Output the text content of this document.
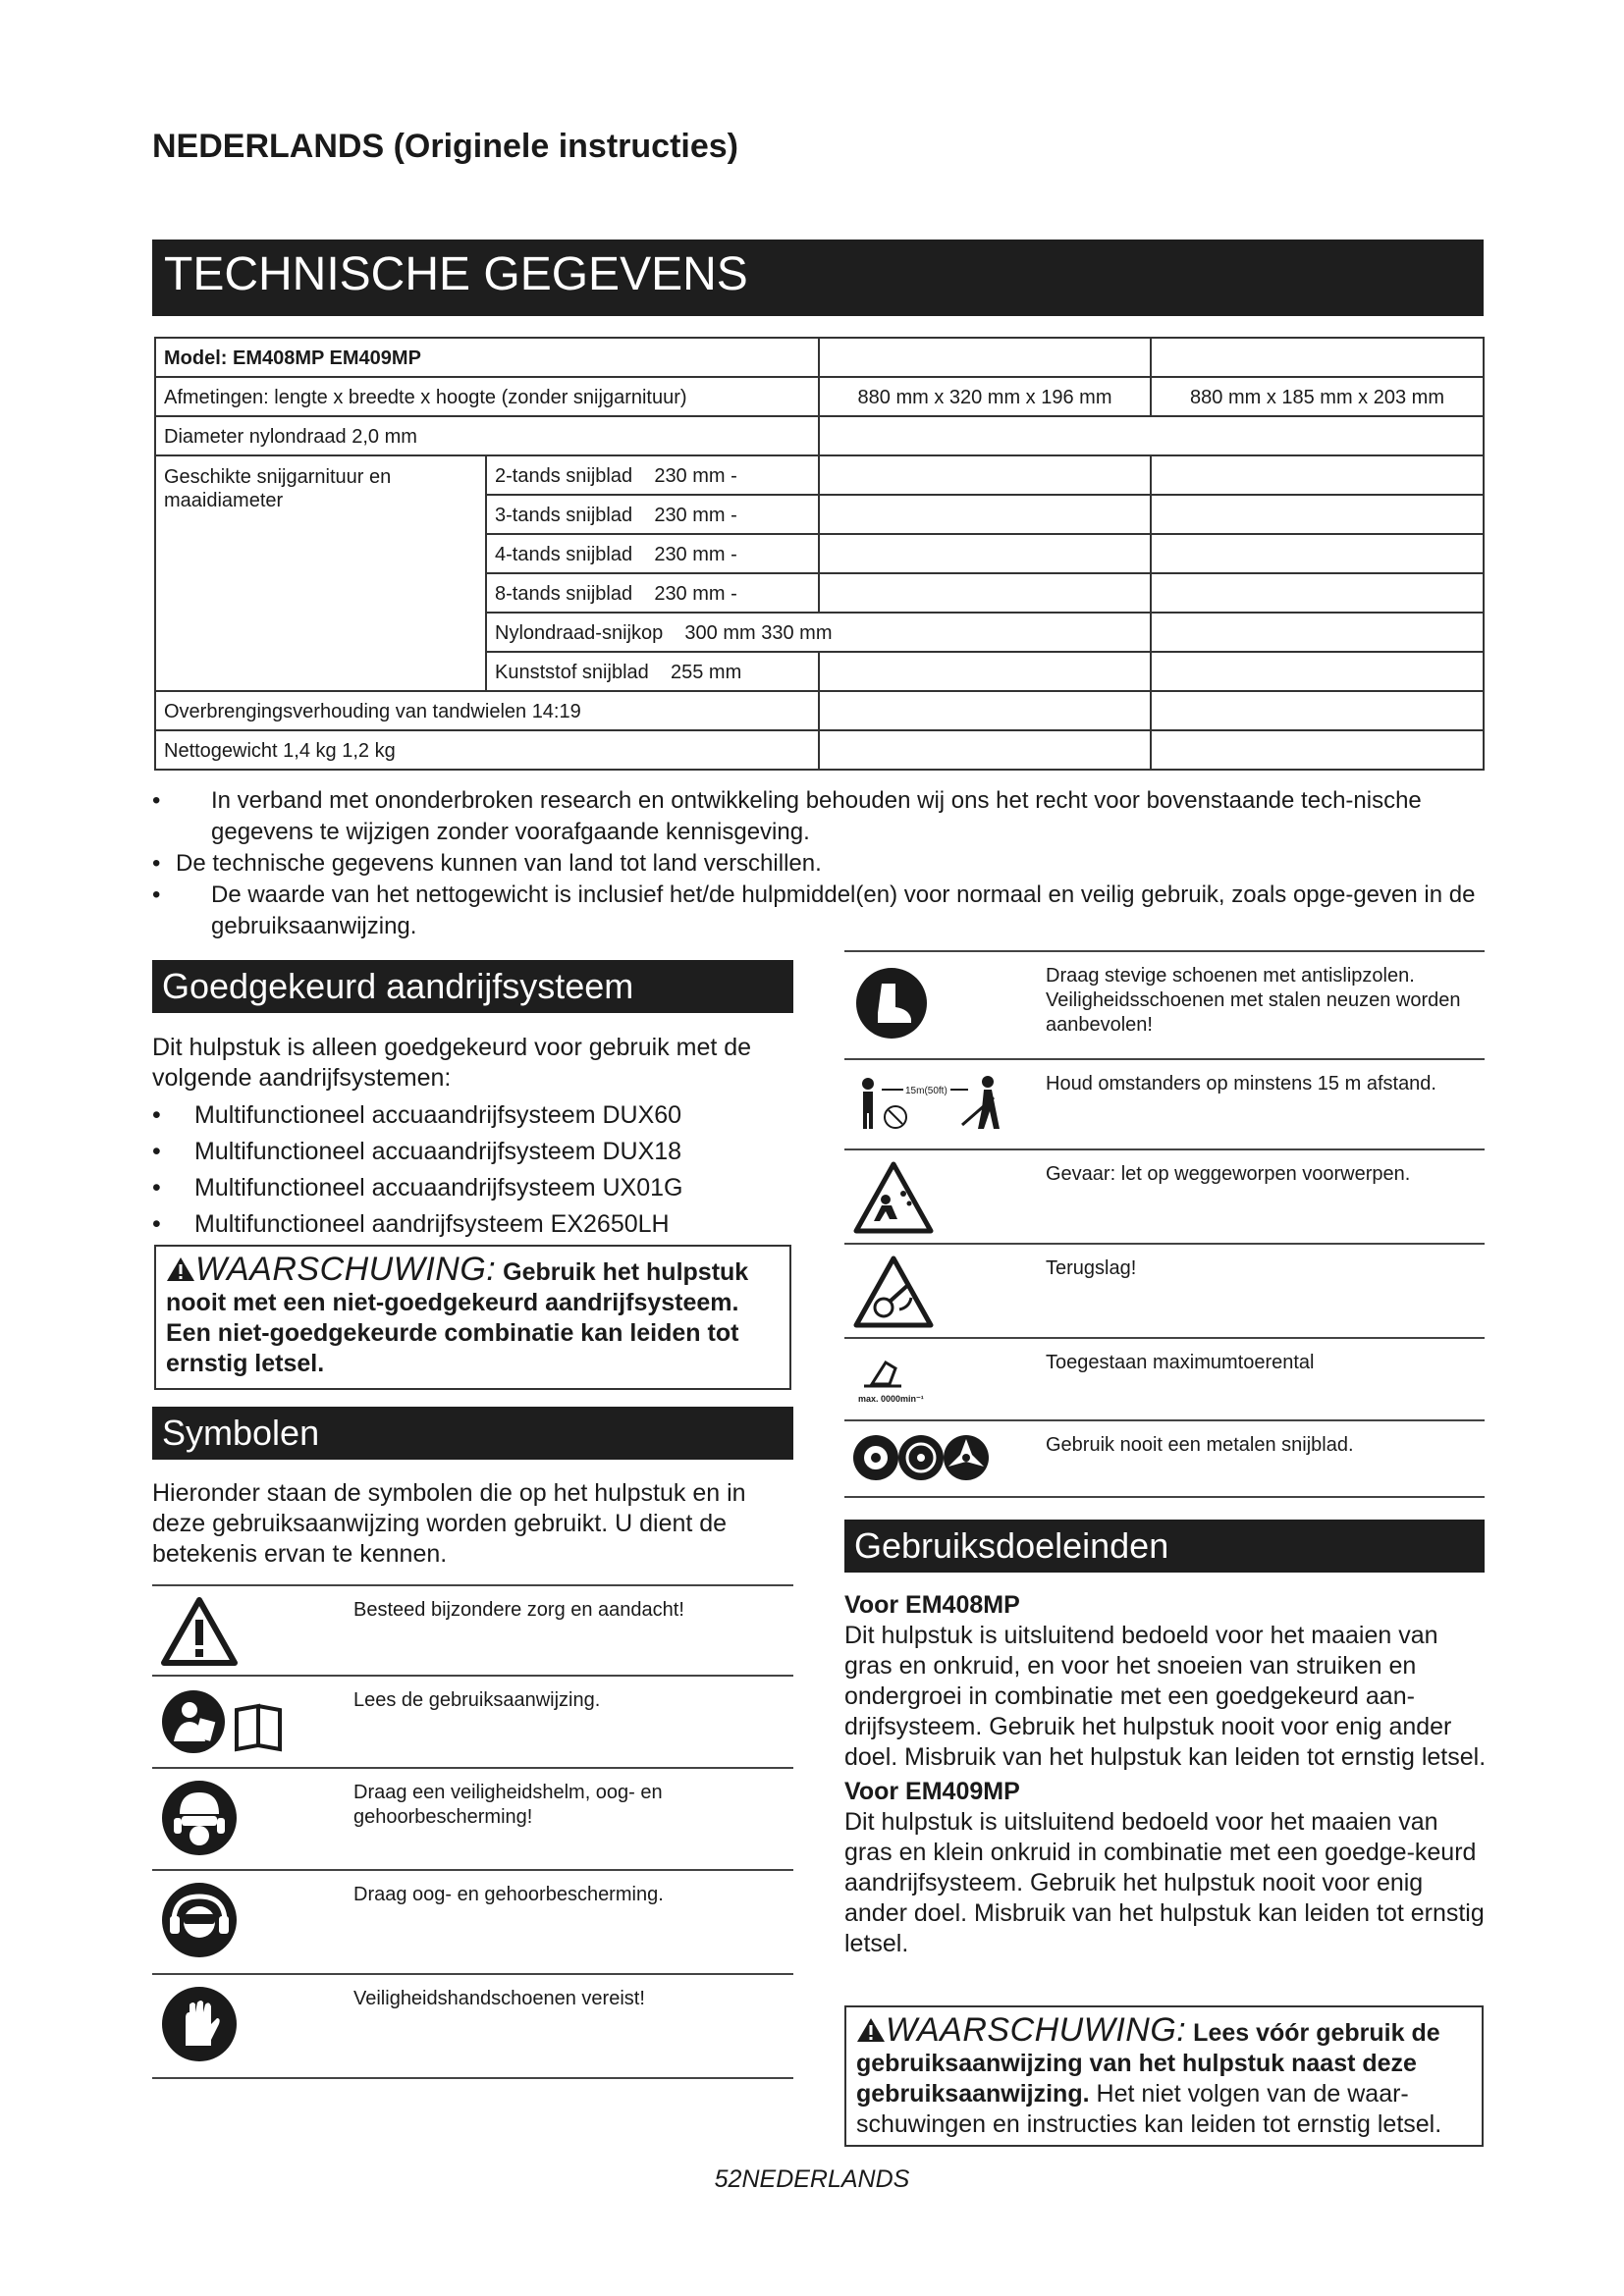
NEDERLANDS (Originele instructies)
TECHNISCHE GEGEVENS
Model: EM408MP EM409MP			
Afmetingen: lengte x breedte x hoogte (zonder snijgarnituur)		880 mm x 320 mm x 196 mm	880 mm x 185 mm x 203 mm
Diameter nylondraad 2,0 mm			
Geschikte snijgarnituur en maaidiameter	2-tands snijblad    230 mm -		
	3-tands snijblad    230 mm -		
	4-tands snijblad    230 mm -		
	8-tands snijblad    230 mm -		
	Nylondraad-snijkop    300 mm 330 mm		
	Kunststof snijblad    255 mm		
Overbrengingsverhouding van tandwielen 14:19			
Nettogewicht 1,4 kg 1,2 kg			
• In verband met ononderbroken research en ontwikkeling behouden wij ons het recht voor bovenstaande tech-nische gegevens te wijzigen zonder voorafgaande kennisgeving.
• De technische gegevens kunnen van land tot land verschillen.
• De waarde van het nettogewicht is inclusief het/de hulpmiddel(en) voor normaal en veilig gebruik, zoals opge-geven in de gebruiksaanwijzing.
Goedgekeurd aandrijfsysteem
Dit hulpstuk is alleen goedgekeurd voor gebruik met de volgende aandrijfsystemen:
• Multifunctioneel accuaandrijfsysteem DUX60
• Multifunctioneel accuaandrijfsysteem DUX18
• Multifunctioneel accuaandrijfsysteem UX01G
• Multifunctioneel aandrijfsysteem EX2650LH
WAARSCHUWING: Gebruik het hulpstuk nooit met een niet-goedgekeurd aandrijfsysteem. Een niet-goedgekeurde combinatie kan leiden tot ernstig letsel.
Symbolen
Hieronder staan de symbolen die op het hulpstuk en in deze gebruiksaanwijzing worden gebruikt. U dient de betekenis ervan te kennen.
Besteed bijzondere zorg en aandacht!
Lees de gebruiksaanwijzing.
Draag een veiligheidshelm, oog- en gehoorbescherming!
Draag oog- en gehoorbescherming.
Veiligheidshandschoenen vereist!
Draag stevige schoenen met antislipzolen. Veiligheidsschoenen met stalen neuzen worden aanbevolen!
15m(50ft)	Houd omstanders op minstens 15 m afstand.
Gevaar: let op weggeworpen voorwerpen.
Terugslag!
max. 0000min⁻¹
Toegestaan maximumtoerental
Gebruik nooit een metalen snijblad.
Gebruiksdoeleinden
Voor EM408MP
Dit hulpstuk is uitsluitend bedoeld voor het maaien van gras en onkruid, en voor het snoeien van struiken en ondergroei in combinatie met een goedgekeurd aan-drijfsysteem. Gebruik het hulpstuk nooit voor enig ander doel. Misbruik van het hulpstuk kan leiden tot ernstig letsel.
Voor EM409MP
Dit hulpstuk is uitsluitend bedoeld voor het maaien van gras en klein onkruid in combinatie met een goedge-keurd aandrijfsysteem. Gebruik het hulpstuk nooit voor enig ander doel. Misbruik van het hulpstuk kan leiden tot ernstig letsel.
WAARSCHUWING: Lees vóór gebruik de gebruiksaanwijzing van het hulpstuk naast deze gebruiksaanwijzing. Het niet volgen van de waar-schuwingen en instructies kan leiden tot ernstig letsel.
52NEDERLANDS
